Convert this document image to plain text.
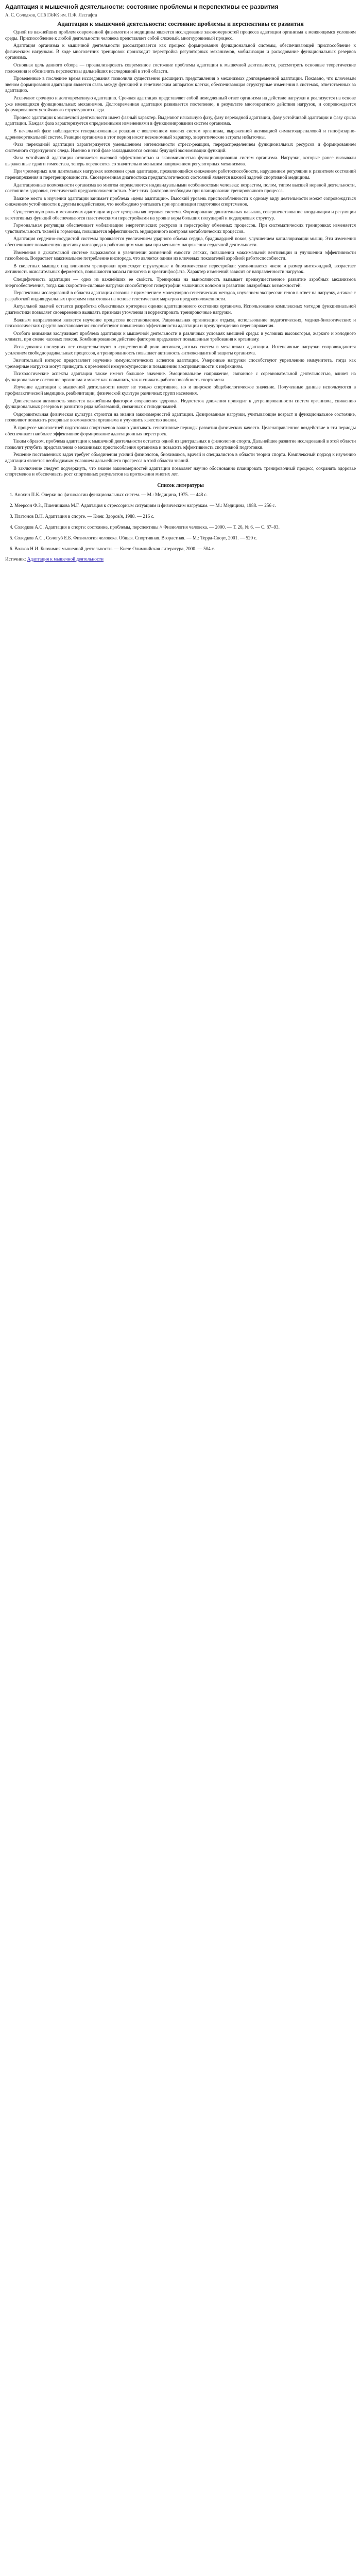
Адаптация к мышечной деятельности: состояние проблемы и перспективы ее развития
А. С. Солодков, СПб ГАФК им. П.Ф. Лесгафта
Адаптация к мышечной деятельности: состояние проблемы и перспективы ее развития

Одной из важнейших проблем современной физиологии и медицины является исследование закономерностей процесса адаптации организма к меняющимся условиям среды. Приспособление к любой деятельности человека представляет собой сложный, многоуровневый процесс.

Адаптация организма к мышечной деятельности рассматривается как процесс формирования функциональной системы, обеспечивающей приспособление к физическим нагрузкам. В ходе многолетних тренировок происходит перестройка регуляторных механизмов, мобилизация и расходование функциональных резервов организма.

Основная цель данного обзора — проанализировать современное состояние проблемы адаптации к мышечной деятельности, рассмотреть основные теоретические положения и обозначить перспективы дальнейших исследований в этой области.

Проведенные в последнее время исследования позволили существенно расширить представления о механизмах долговременной адаптации. Показано, что ключевым звеном формирования адаптации является связь между функцией и генетическим аппаратом клетки, обеспечивающая структурные изменения в системах, ответственных за адаптацию.

Различают срочную и долговременную адаптацию. Срочная адаптация представляет собой немедленный ответ организма на действие нагрузки и реализуется на основе уже имеющихся функциональных механизмов. Долговременная адаптация развивается постепенно, в результате многократного действия нагрузок, и сопровождается формированием устойчивого структурного следа.

Процесс адаптации к мышечной деятельности имеет фазный характер. Выделяют начальную фазу, фазу переходной адаптации, фазу устойчивой адаптации и фазу срыва адаптации. Каждая фаза характеризуется определенными изменениями в функционировании систем организма.

В начальной фазе наблюдается генерализованная реакция с вовлечением многих систем организма, выраженной активацией симпатоадреналовой и гипофизарно-адренокортикальной систем. Реакции организма в этот период носят неэкономный характер, энергетические затраты избыточны.

Фаза переходной адаптации характеризуется уменьшением интенсивности стресс-реакции, перераспределением функциональных ресурсов и формированием системного структурного следа. Именно в этой фазе закладываются основы будущей экономизации функций.

Фаза устойчивой адаптации отличается высокой эффективностью и экономичностью функционирования систем организма. Нагрузки, которые ранее вызывали выраженные сдвиги гомеостаза, теперь переносятся со значительно меньшим напряжением регуляторных механизмов.

При чрезмерных или длительных нагрузках возможен срыв адаптации, проявляющийся снижением работоспособности, нарушением регуляции и развитием состояний перенапряжения и перетренированности. Своевременная диагностика предпатологических состояний является важной задачей спортивной медицины.

Адаптационные возможности организма во многом определяются индивидуальными особенностями человека: возрастом, полом, типом высшей нервной деятельности, состоянием здоровья, генетической предрасположенностью. Учет этих факторов необходим при планировании тренировочного процесса.

Важное место в изучении адаптации занимает проблема «цены адаптации». Высокий уровень приспособленности к одному виду деятельности может сопровождаться снижением устойчивости к другим воздействиям, что необходимо учитывать при организации подготовки спортсменов.

Существенную роль в механизмах адаптации играет центральная нервная система. Формирование двигательных навыков, совершенствование координации и регуляции вегетативных функций обеспечиваются пластическими перестройками на уровне коры больших полушарий и подкорковых структур.

Гормональная регуляция обеспечивает мобилизацию энергетических ресурсов и перестройку обменных процессов. При систематических тренировках изменяется чувствительность тканей к гормонам, повышается эффективность эндокринного контроля метаболических процессов.

Адаптация сердечно-сосудистой системы проявляется увеличением ударного объема сердца, брадикардией покоя, улучшением капилляризации мышц. Эти изменения обеспечивают повышенную доставку кислорода к работающим мышцам при меньшем напряжении сердечной деятельности.

Изменения в дыхательной системе выражаются в увеличении жизненной емкости легких, повышении максимальной вентиляции и улучшении эффективности газообмена. Возрастает максимальное потребление кислорода, что является одним из ключевых показателей аэробной работоспособности.

В скелетных мышцах под влиянием тренировки происходят структурные и биохимические перестройки: увеличивается число и размер митохондрий, возрастает активность окислительных ферментов, повышаются запасы гликогена и креатинфосфата. Характер изменений зависит от направленности нагрузок.

Специфичность адаптации — одно из важнейших ее свойств. Тренировка на выносливость вызывает преимущественное развитие аэробных механизмов энергообеспечения, тогда как скоростно-силовые нагрузки способствуют гипертрофии мышечных волокон и развитию анаэробных возможностей.

Перспективы исследований в области адаптации связаны с применением молекулярно-генетических методов, изучением экспрессии генов в ответ на нагрузку, а также с разработкой индивидуальных программ подготовки на основе генетических маркеров предрасположенности.

Актуальной задачей остается разработка объективных критериев оценки адаптационного состояния организма. Использование комплексных методов функциональной диагностики позволяет своевременно выявлять признаки утомления и корректировать тренировочные нагрузки.

Важным направлением является изучение процессов восстановления. Рациональная организация отдыха, использование педагогических, медико-биологических и психологических средств восстановления способствуют повышению эффективности адаптации и предупреждению перенапряжения.

Особого внимания заслуживает проблема адаптации к мышечной деятельности в различных условиях внешней среды: в условиях высокогорья, жаркого и холодного климата, при смене часовых поясов. Комбинированное действие факторов предъявляет повышенные требования к организму.

Исследования последних лет свидетельствуют о существенной роли антиоксидантных систем в механизмах адаптации. Интенсивные нагрузки сопровождаются усилением свободнорадикальных процессов, а тренированность повышает активность антиоксидантной защиты организма.

Значительный интерес представляет изучение иммунологических аспектов адаптации. Умеренные нагрузки способствуют укреплению иммунитета, тогда как чрезмерные нагрузки могут приводить к временной иммуносупрессии и повышению восприимчивости к инфекциям.

Психологические аспекты адаптации также имеют большое значение. Эмоциональное напряжение, связанное с соревновательной деятельностью, влияет на функциональное состояние организма и может как повышать, так и снижать работоспособность спортсмена.

Изучение адаптации к мышечной деятельности имеет не только спортивное, но и широкое общебиологическое значение. Полученные данные используются в профилактической медицине, реабилитации, физической культуре различных групп населения.

Двигательная активность является важнейшим фактором сохранения здоровья. Недостаток движения приводит к детренированности систем организма, снижению функциональных резервов и развитию ряда заболеваний, связанных с гиподинамией.

Оздоровительная физическая культура строится на знании закономерностей адаптации. Дозированные нагрузки, учитывающие возраст и функциональное состояние, позволяют повысить резервные возможности организма и улучшить качество жизни.

В процессе многолетней подготовки спортсменов важно учитывать сенситивные периоды развития физических качеств. Целенаправленное воздействие в эти периоды обеспечивает наиболее эффективное формирование адаптационных перестроек.

Таким образом, проблема адаптации к мышечной деятельности остается одной из центральных в физиологии спорта. Дальнейшее развитие исследований в этой области позволит углубить представления о механизмах приспособления организма и повысить эффективность спортивной подготовки.

Решение поставленных задач требует объединения усилий физиологов, биохимиков, врачей и специалистов в области теории спорта. Комплексный подход к изучению адаптации является необходимым условием дальнейшего прогресса в этой области знаний.

В заключение следует подчеркнуть, что знание закономерностей адаптации позволяет научно обоснованно планировать тренировочный процесс, сохранять здоровье спортсменов и обеспечивать рост спортивных результатов на протяжении многих лет.

Список литературы
1. Анохин П.К. Очерки по физиологии функциональных систем. — М.: Медицина, 1975. — 448 с.
2. Меерсон Ф.З., Пшенникова М.Г. Адаптация к стрессорным ситуациям и физическим нагрузкам. — М.: Медицина, 1988. — 256 с.
3. Платонов В.Н. Адаптация в спорте. — Киев: Здоров'я, 1988. — 216 с.
4. Солодков А.С. Адаптация в спорте: состояние, проблемы, перспективы // Физиология человека. — 2000. — Т. 26, № 6. — С. 87–93.
5. Солодков А.С., Сологуб Е.Б. Физиология человека. Общая. Спортивная. Возрастная. — М.: Терра-Спорт, 2001. — 520 с.
6. Волков Н.И. Биохимия мышечной деятельности. — Киев: Олимпийская литература, 2000. — 504 с.
Источник: Адаптация к мышечной деятельности
